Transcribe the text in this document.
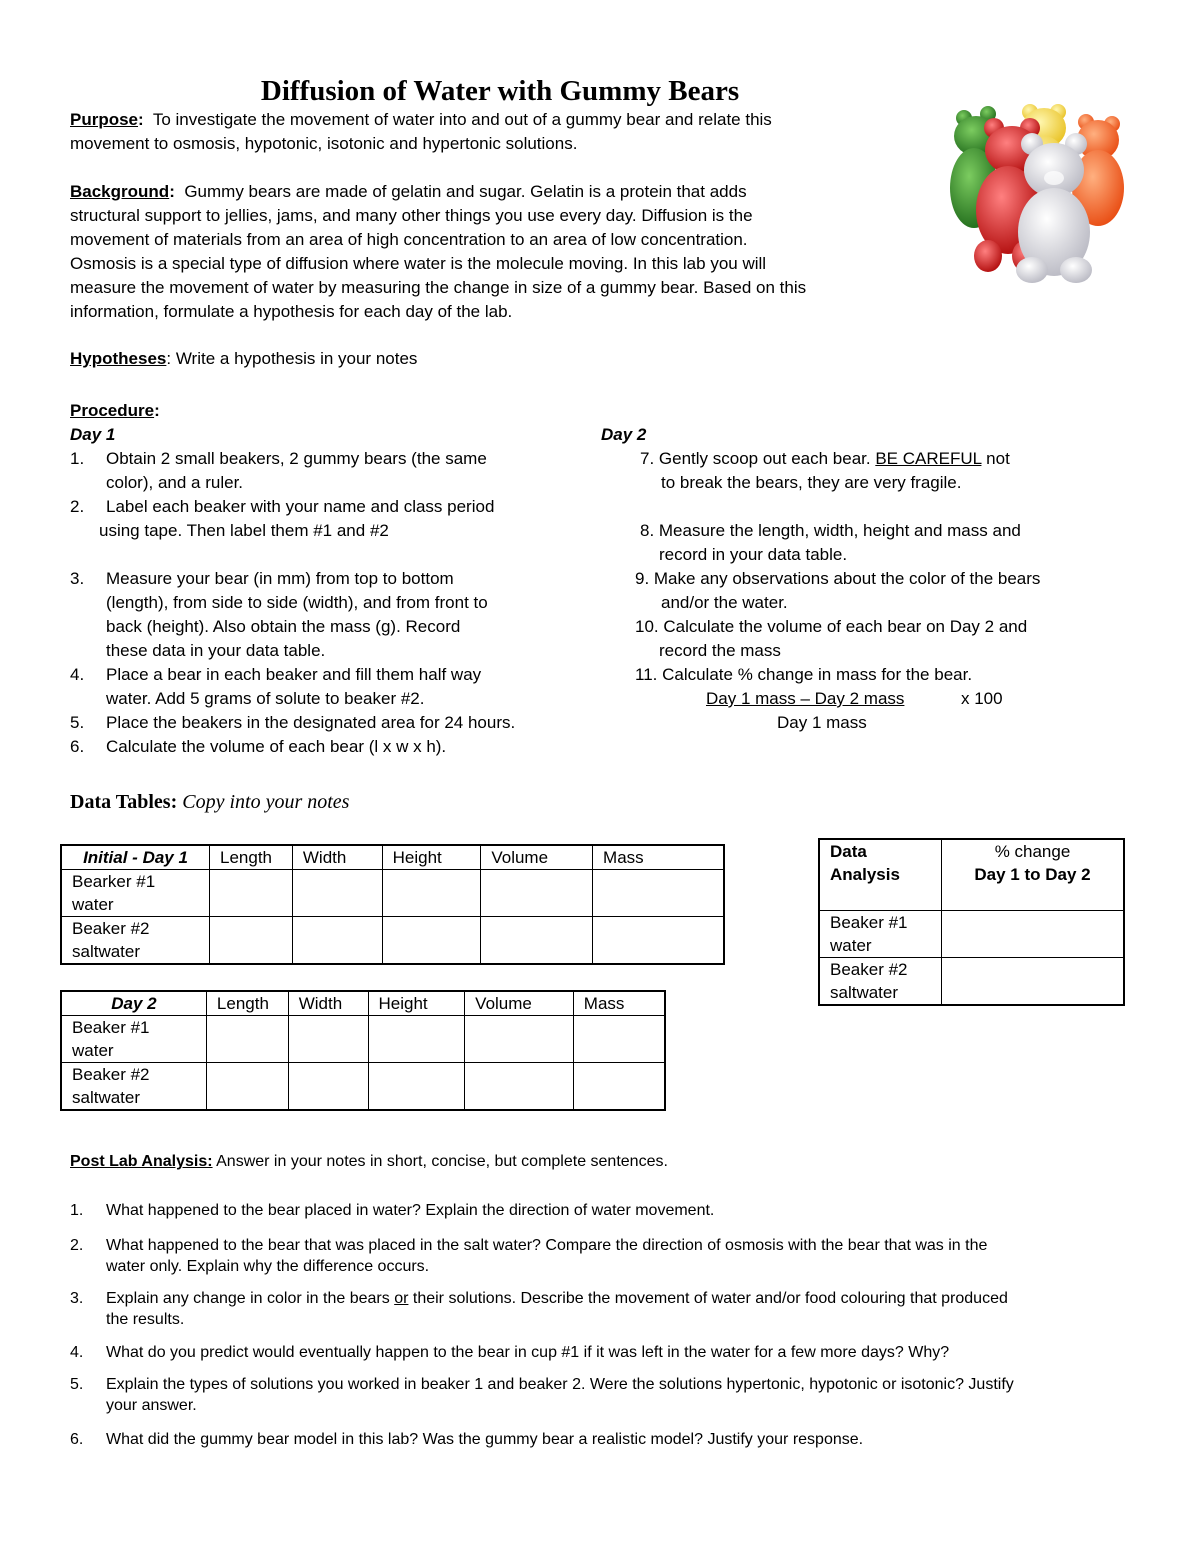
Diffusion of Water with Gummy Bears
Purpose: To investigate the movement of water into and out of a gummy bear and relate this
movement to osmosis, hypotonic, isotonic and hypertonic solutions.
Background: Gummy bears are made of gelatin and sugar. Gelatin is a protein that adds
structural support to jellies, jams, and many other things you use every day. Diffusion is the
movement of materials from an area of high concentration to an area of low concentration.
Osmosis is a special type of diffusion where water is the molecule moving. In this lab you will
measure the movement of water by measuring the change in size of a gummy bear. Based on this
information, formulate a hypothesis for each day of the lab.
Hypotheses: Write a hypothesis in your notes
Procedure:
Day 1	Day 2
1. Obtain 2 small beakers, 2 gummy bears (the same
color), and a ruler.
2. Label each beaker with your name and class period
using tape. Then label them #1 and #2
3. Measure your bear (in mm) from top to bottom
(length), from side to side (width), and from front to
back (height). Also obtain the mass (g). Record
these data in your data table.
4. Place a bear in each beaker and fill them half way
water. Add 5 grams of solute to beaker #2.
5. Place the beakers in the designated area for 24 hours.
6. Calculate the volume of each bear (l x w x h).
7. Gently scoop out each bear. BE CAREFUL not
to break the bears, they are very fragile.
8. Measure the length, width, height and mass and
record in your data table.
9. Make any observations about the color of the bears
and/or the water.
10. Calculate the volume of each bear on Day 2 and
record the mass
11. Calculate % change in mass for the bear.
Day 1 mass – Day 2 mass	x 100
Day 1 mass
Data Tables: Copy into your notes
Initial - Day 1	Length	Width	Height	Volume	Mass
Bearker #1
water					
Beaker #2
saltwater					
Day 2	Length	Width	Height	Volume	Mass
Beaker #1
water					
Beaker #2
saltwater					
Data
Analysis	% change
Day 1 to Day 2
Beaker #1
water	
Beaker #2
saltwater	
Post Lab Analysis: Answer in your notes in short, concise, but complete sentences.
1. What happened to the bear placed in water? Explain the direction of water movement.
2. What happened to the bear that was placed in the salt water? Compare the direction of osmosis with the bear that was in the
water only. Explain why the difference occurs.
3. Explain any change in color in the bears or their solutions. Describe the movement of water and/or food colouring that produced
the results.
4. What do you predict would eventually happen to the bear in cup #1 if it was left in the water for a few more days? Why?
5. Explain the types of solutions you worked in beaker 1 and beaker 2. Were the solutions hypertonic, hypotonic or isotonic? Justify
your answer.
6. What did the gummy bear model in this lab? Was the gummy bear a realistic model? Justify your response.
